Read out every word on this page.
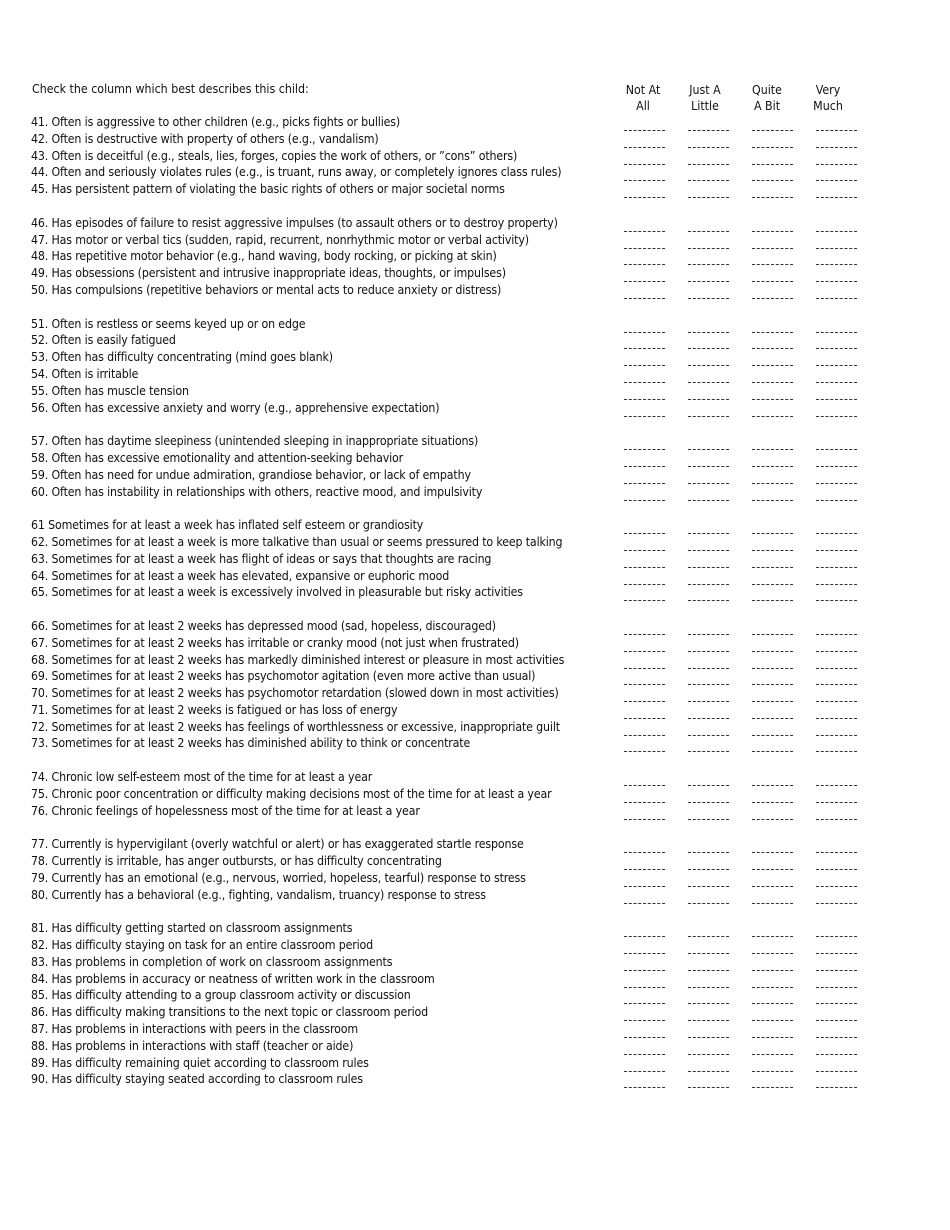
Check the column which best describes this child:	Not At
All
Just A
Little
Quite
A Bit
Very
Much
41. Often is aggressive to other children (e.g., picks fights or bullies)
42. Often is destructive with property of others (e.g., vandalism)
43. Often is deceitful (e.g., steals, lies, forges, copies the work of others, or ”cons” others)
44. Often and seriously violates rules (e.g., is truant, runs away, or completely ignores class rules)
45. Has persistent pattern of violating the basic rights of others or major societal norms
46. Has episodes of failure to resist aggressive impulses (to assault others or to destroy property)
47. Has motor or verbal tics (sudden, rapid, recurrent, nonrhythmic motor or verbal activity)
48. Has repetitive motor behavior (e.g., hand waving, body rocking, or picking at skin)
49. Has obsessions (persistent and intrusive inappropriate ideas, thoughts, or impulses)
50. Has compulsions (repetitive behaviors or mental acts to reduce anxiety or distress)
51. Often is restless or seems keyed up or on edge
52. Often is easily fatigued
53. Often has difficulty concentrating (mind goes blank)
54. Often is irritable
55. Often has muscle tension
56. Often has excessive anxiety and worry (e.g., apprehensive expectation)
57. Often has daytime sleepiness (unintended sleeping in inappropriate situations)
58. Often has excessive emotionality and attention-seeking behavior
59. Often has need for undue admiration, grandiose behavior, or lack of empathy
60. Often has instability in relationships with others, reactive mood, and impulsivity
61 Sometimes for at least a week has inflated self esteem or grandiosity
62. Sometimes for at least a week is more talkative than usual or seems pressured to keep talking
63. Sometimes for at least a week has flight of ideas or says that thoughts are racing
64. Sometimes for at least a week has elevated, expansive or euphoric mood
65. Sometimes for at least a week is excessively involved in pleasurable but risky activities
66. Sometimes for at least 2 weeks has depressed mood (sad, hopeless, discouraged)
67. Sometimes for at least 2 weeks has irritable or cranky mood (not just when frustrated)
68. Sometimes for at least 2 weeks has markedly diminished interest or pleasure in most activities
69. Sometimes for at least 2 weeks has psychomotor agitation (even more active than usual)
70. Sometimes for at least 2 weeks has psychomotor retardation (slowed down in most activities)
71. Sometimes for at least 2 weeks is fatigued or has loss of energy
72. Sometimes for at least 2 weeks has feelings of worthlessness or excessive, inappropriate guilt
73. Sometimes for at least 2 weeks has diminished ability to think or concentrate
74. Chronic low self-esteem most of the time for at least a year
75. Chronic poor concentration or difficulty making decisions most of the time for at least a year
76. Chronic feelings of hopelessness most of the time for at least a year
77. Currently is hypervigilant (overly watchful or alert) or has exaggerated startle response
78. Currently is irritable, has anger outbursts, or has difficulty concentrating
79. Currently has an emotional (e.g., nervous, worried, hopeless, tearful) response to stress
80. Currently has a behavioral (e.g., fighting, vandalism, truancy) response to stress
81. Has difficulty getting started on classroom assignments
82. Has difficulty staying on task for an entire classroom period
83. Has problems in completion of work on classroom assignments
84. Has problems in accuracy or neatness of written work in the classroom
85. Has difficulty attending to a group classroom activity or discussion
86. Has difficulty making transitions to the next topic or classroom period
87. Has problems in interactions with peers in the classroom
88. Has problems in interactions with staff (teacher or aide)
89. Has difficulty remaining quiet according to classroom rules
90. Has difficulty staying seated according to classroom rules
